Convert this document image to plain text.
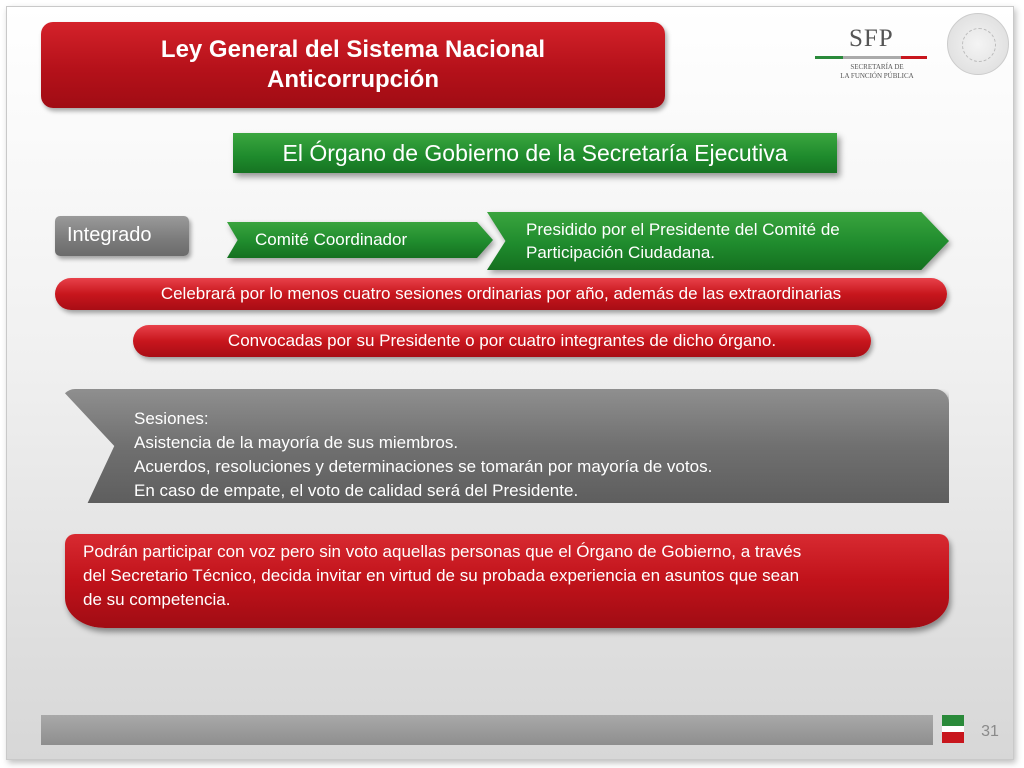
Ley General del Sistema Nacional
Anticorrupción
SFP
SECRETARÍA DE
LA FUNCIÓN PÚBLICA
El Órgano de Gobierno de la Secretaría Ejecutiva
Integrado	Comité Coordinador
Presidido por el Presidente del Comité de
Participación Ciudadana.
Celebrará por lo menos cuatro sesiones ordinarias por año, además de las extraordinarias
Convocadas por su Presidente o por cuatro integrantes de dicho órgano.
Sesiones:
Asistencia de la mayoría de sus miembros.
Acuerdos, resoluciones y determinaciones se tomarán por mayoría de votos.
En caso de empate, el voto de calidad será del Presidente.
Podrán participar con voz pero sin voto aquellas personas que el Órgano de Gobierno, a través
del Secretario Técnico, decida invitar en virtud de su probada experiencia en asuntos que sean
de su competencia.
31
